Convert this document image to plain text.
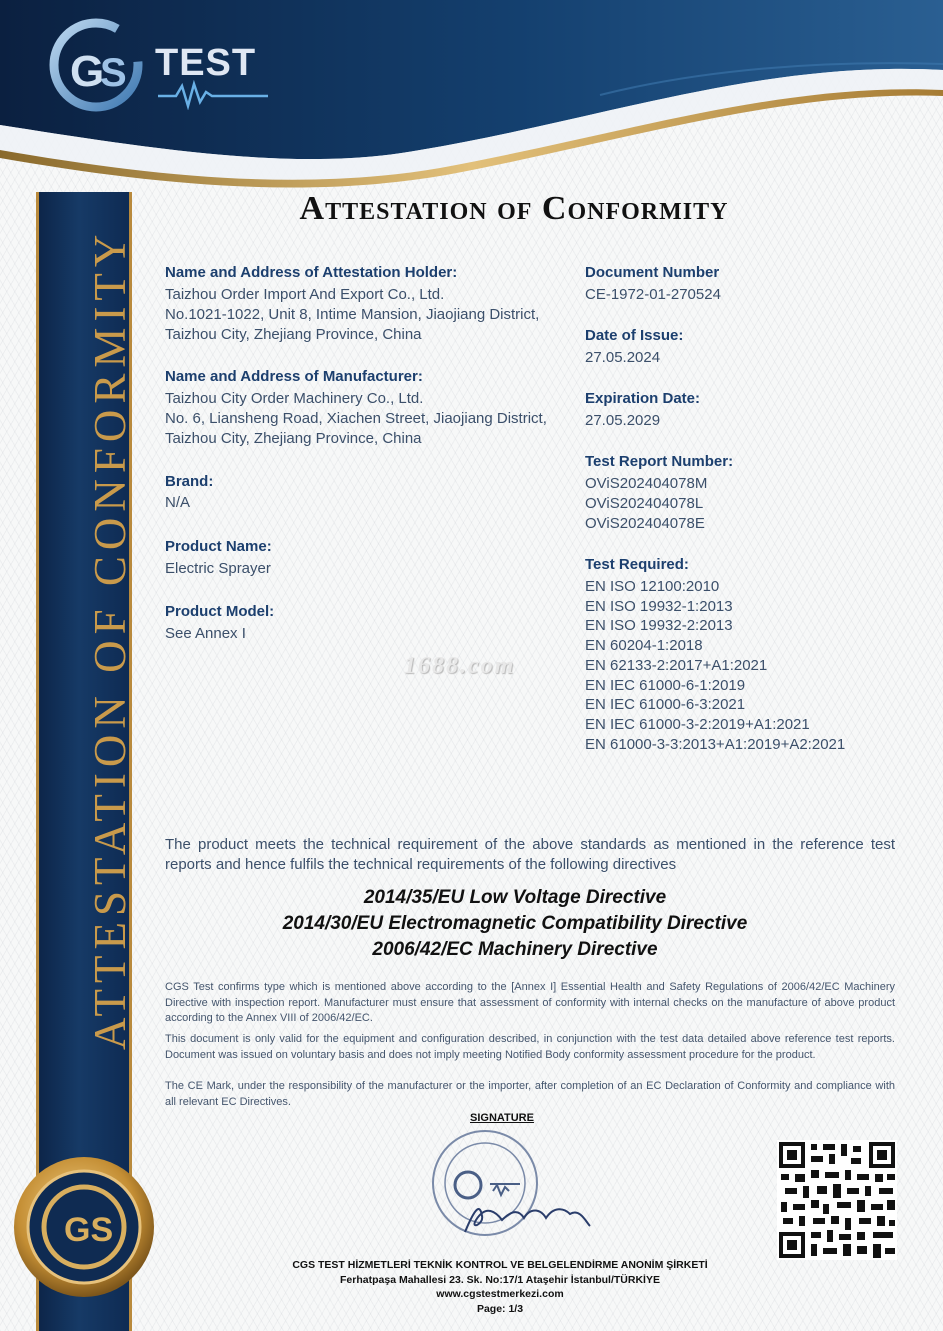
G
S TEST
ATTESTATION OF CONFORMITY
GS
Attestation of Conformity
Name and Address of Attestation Holder:
Taizhou Order Import And Export Co., Ltd.
No.1021-1022, Unit 8, Intime Mansion, Jiaojiang District,
Taizhou City, Zhejiang Province, China
Name and Address of Manufacturer:
Taizhou City Order Machinery Co., Ltd.
No. 6, Liansheng Road, Xiachen Street, Jiaojiang District,
Taizhou City, Zhejiang Province, China
Brand:
N/A
Product Name:
Electric Sprayer
Product Model:
See Annex I
Document Number
CE-1972-01-270524
Date of Issue:
27.05.2024
Expiration Date:
27.05.2029
Test Report Number:
OViS202404078M
OViS202404078L
OViS202404078E
Test Required:
EN ISO 12100:2010
EN ISO 19932-1:2013
EN ISO 19932-2:2013
EN 60204-1:2018
EN 62133-2:2017+A1:2021
EN IEC 61000-6-1:2019
EN IEC 61000-6-3:2021
EN IEC 61000-3-2:2019+A1:2021
EN 61000-3-3:2013+A1:2019+A2:2021
1688.com
The product meets the technical requirement of the above standards as mentioned in the reference test reports and hence fulfils the technical requirements of the following directives
2014/35/EU Low Voltage Directive
2014/30/EU Electromagnetic Compatibility Directive
2006/42/EC Machinery Directive
CGS Test confirms type which is mentioned above according to the [Annex I] Essential Health and Safety Regulations of 2006/42/EC Machinery Directive with inspection report. Manufacturer must ensure that assessment of conformity with internal checks on the manufacture of above product according to the Annex VIII of 2006/42/EC.
This document is only valid for the equipment and configuration described, in conjunction with the test data detailed above reference test reports. Document was issued on voluntary basis and does not imply meeting Notified Body conformity assessment procedure for the product.
The CE Mark, under the responsibility of the manufacturer or the importer, after completion of an EC Declaration of Conformity and compliance with all relevant EC Directives.
SIGNATURE
CGS TEST HİZMETLERİ TEKNİK KONTROL VE BELGELENDİRME ANONİM ŞİRKETİ
Ferhatpaşa Mahallesi 23. Sk. No:17/1 Ataşehir İstanbul/TÜRKİYE
www.cgstestmerkezi.com
Page: 1/3
